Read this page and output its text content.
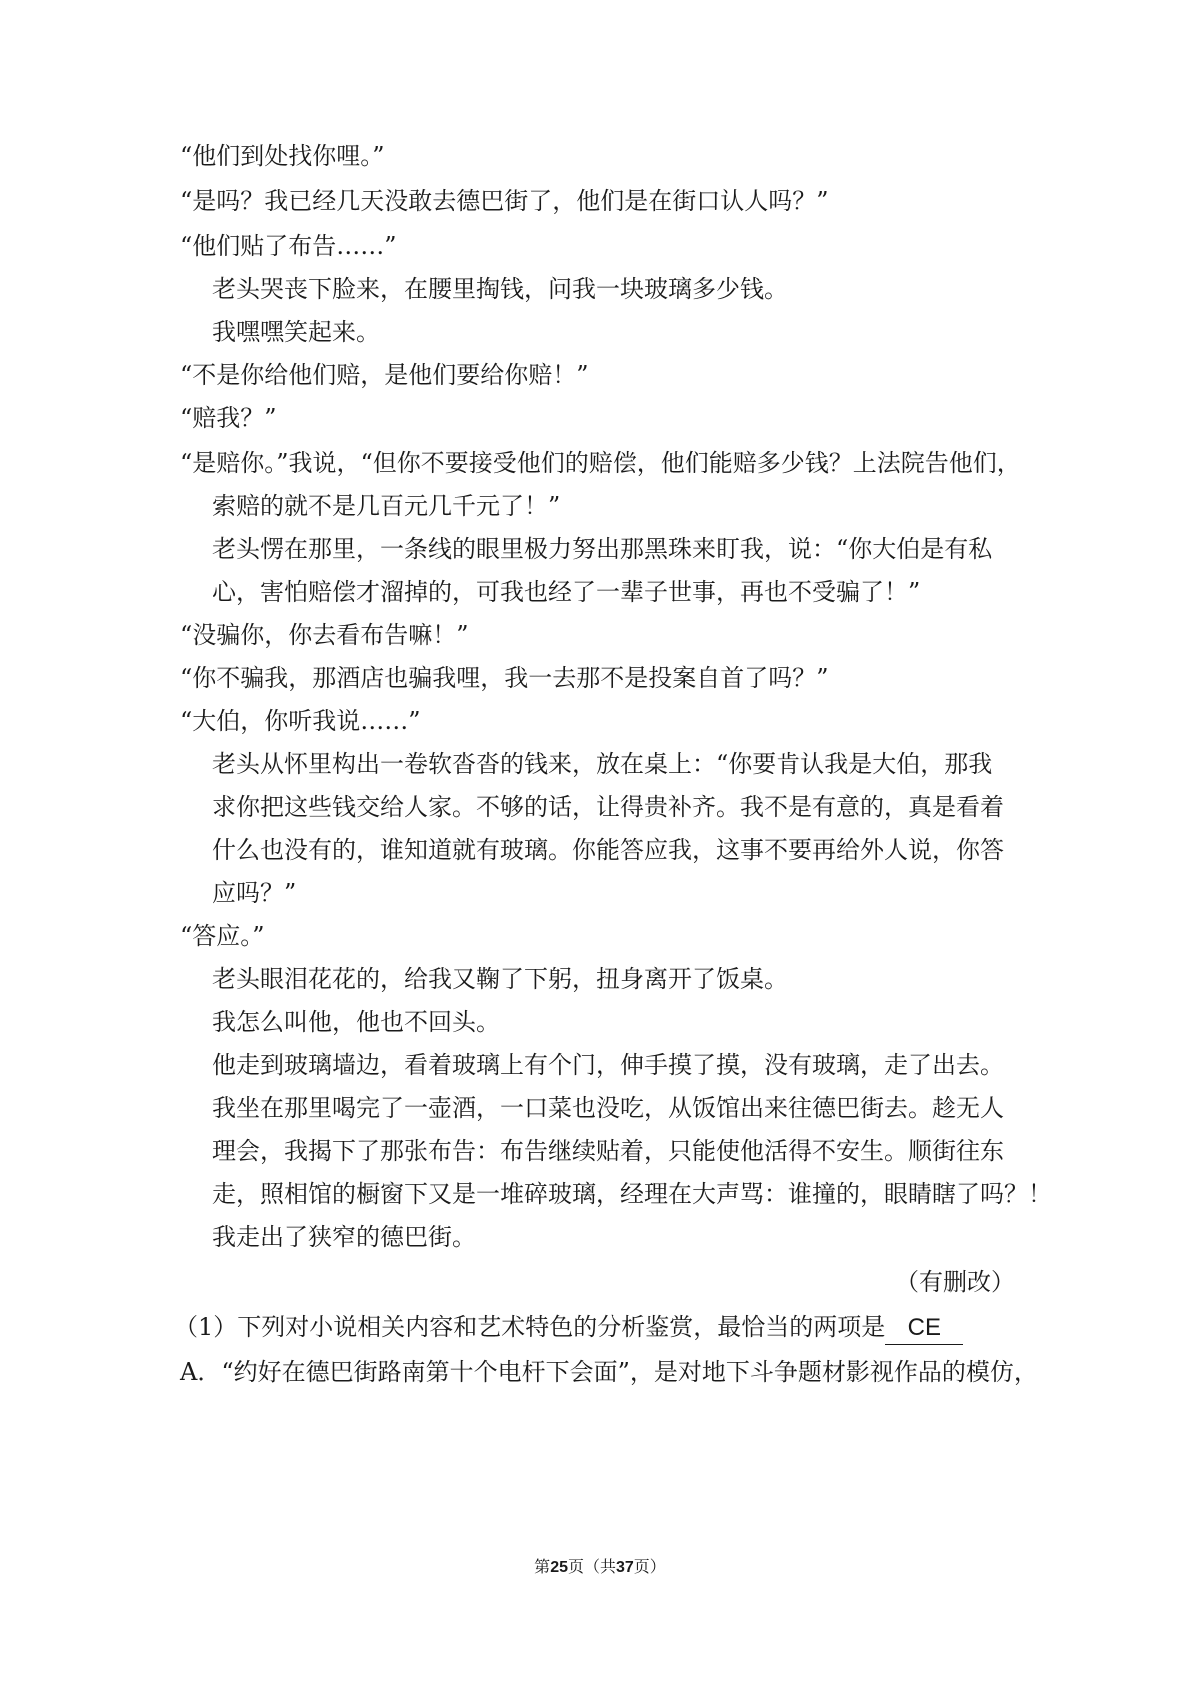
“他们到处找你哩。”
“是吗？我已经几天没敢去德巴街了，他们是在街口认人吗？”
“他们贴了布告……”
老头哭丧下脸来，在腰里掏钱，问我一块玻璃多少钱。
我嘿嘿笑起来。
“不是你给他们赔，是他们要给你赔！”
“赔我？”
“是赔你。”我说，“但你不要接受他们的赔偿，他们能赔多少钱？上法院告他们，
索赔的就不是几百元几千元了！”
老头愣在那里，一条线的眼里极力努出那黑珠来盯我，说：“你大伯是有私
心，害怕赔偿才溜掉的，可我也经了一辈子世事，再也不受骗了！”
“没骗你，你去看布告嘛！”
“你不骗我，那酒店也骗我哩，我一去那不是投案自首了吗？”
“大伯，你听我说……”
老头从怀里构出一卷软沓沓的钱来，放在桌上：“你要肯认我是大伯，那我
求你把这些钱交给人家。不够的话，让得贵补齐。我不是有意的，真是看着
什么也没有的，谁知道就有玻璃。你能答应我，这事不要再给外人说，你答
应吗？”
“答应。”
老头眼泪花花的，给我又鞠了下躬，扭身离开了饭桌。
我怎么叫他，他也不回头。
他走到玻璃墙边，看着玻璃上有个门，伸手摸了摸，没有玻璃，走了出去。
我坐在那里喝完了一壶酒，一口菜也没吃，从饭馆出来往德巴街去。趁无人
理会，我揭下了那张布告：布告继续贴着，只能使他活得不安生。顺街往东
走，照相馆的橱窗下又是一堆碎玻璃，经理在大声骂：谁撞的，眼睛瞎了吗？！
我走出了狭窄的德巴街。
（有删改）
（1）下列对小说相关内容和艺术特色的分析鉴赏，最恰当的两项是 CE
A．“约好在德巴街路南第十个电杆下会面”，是对地下斗争题材影视作品的模仿，
第25页（共37页）
